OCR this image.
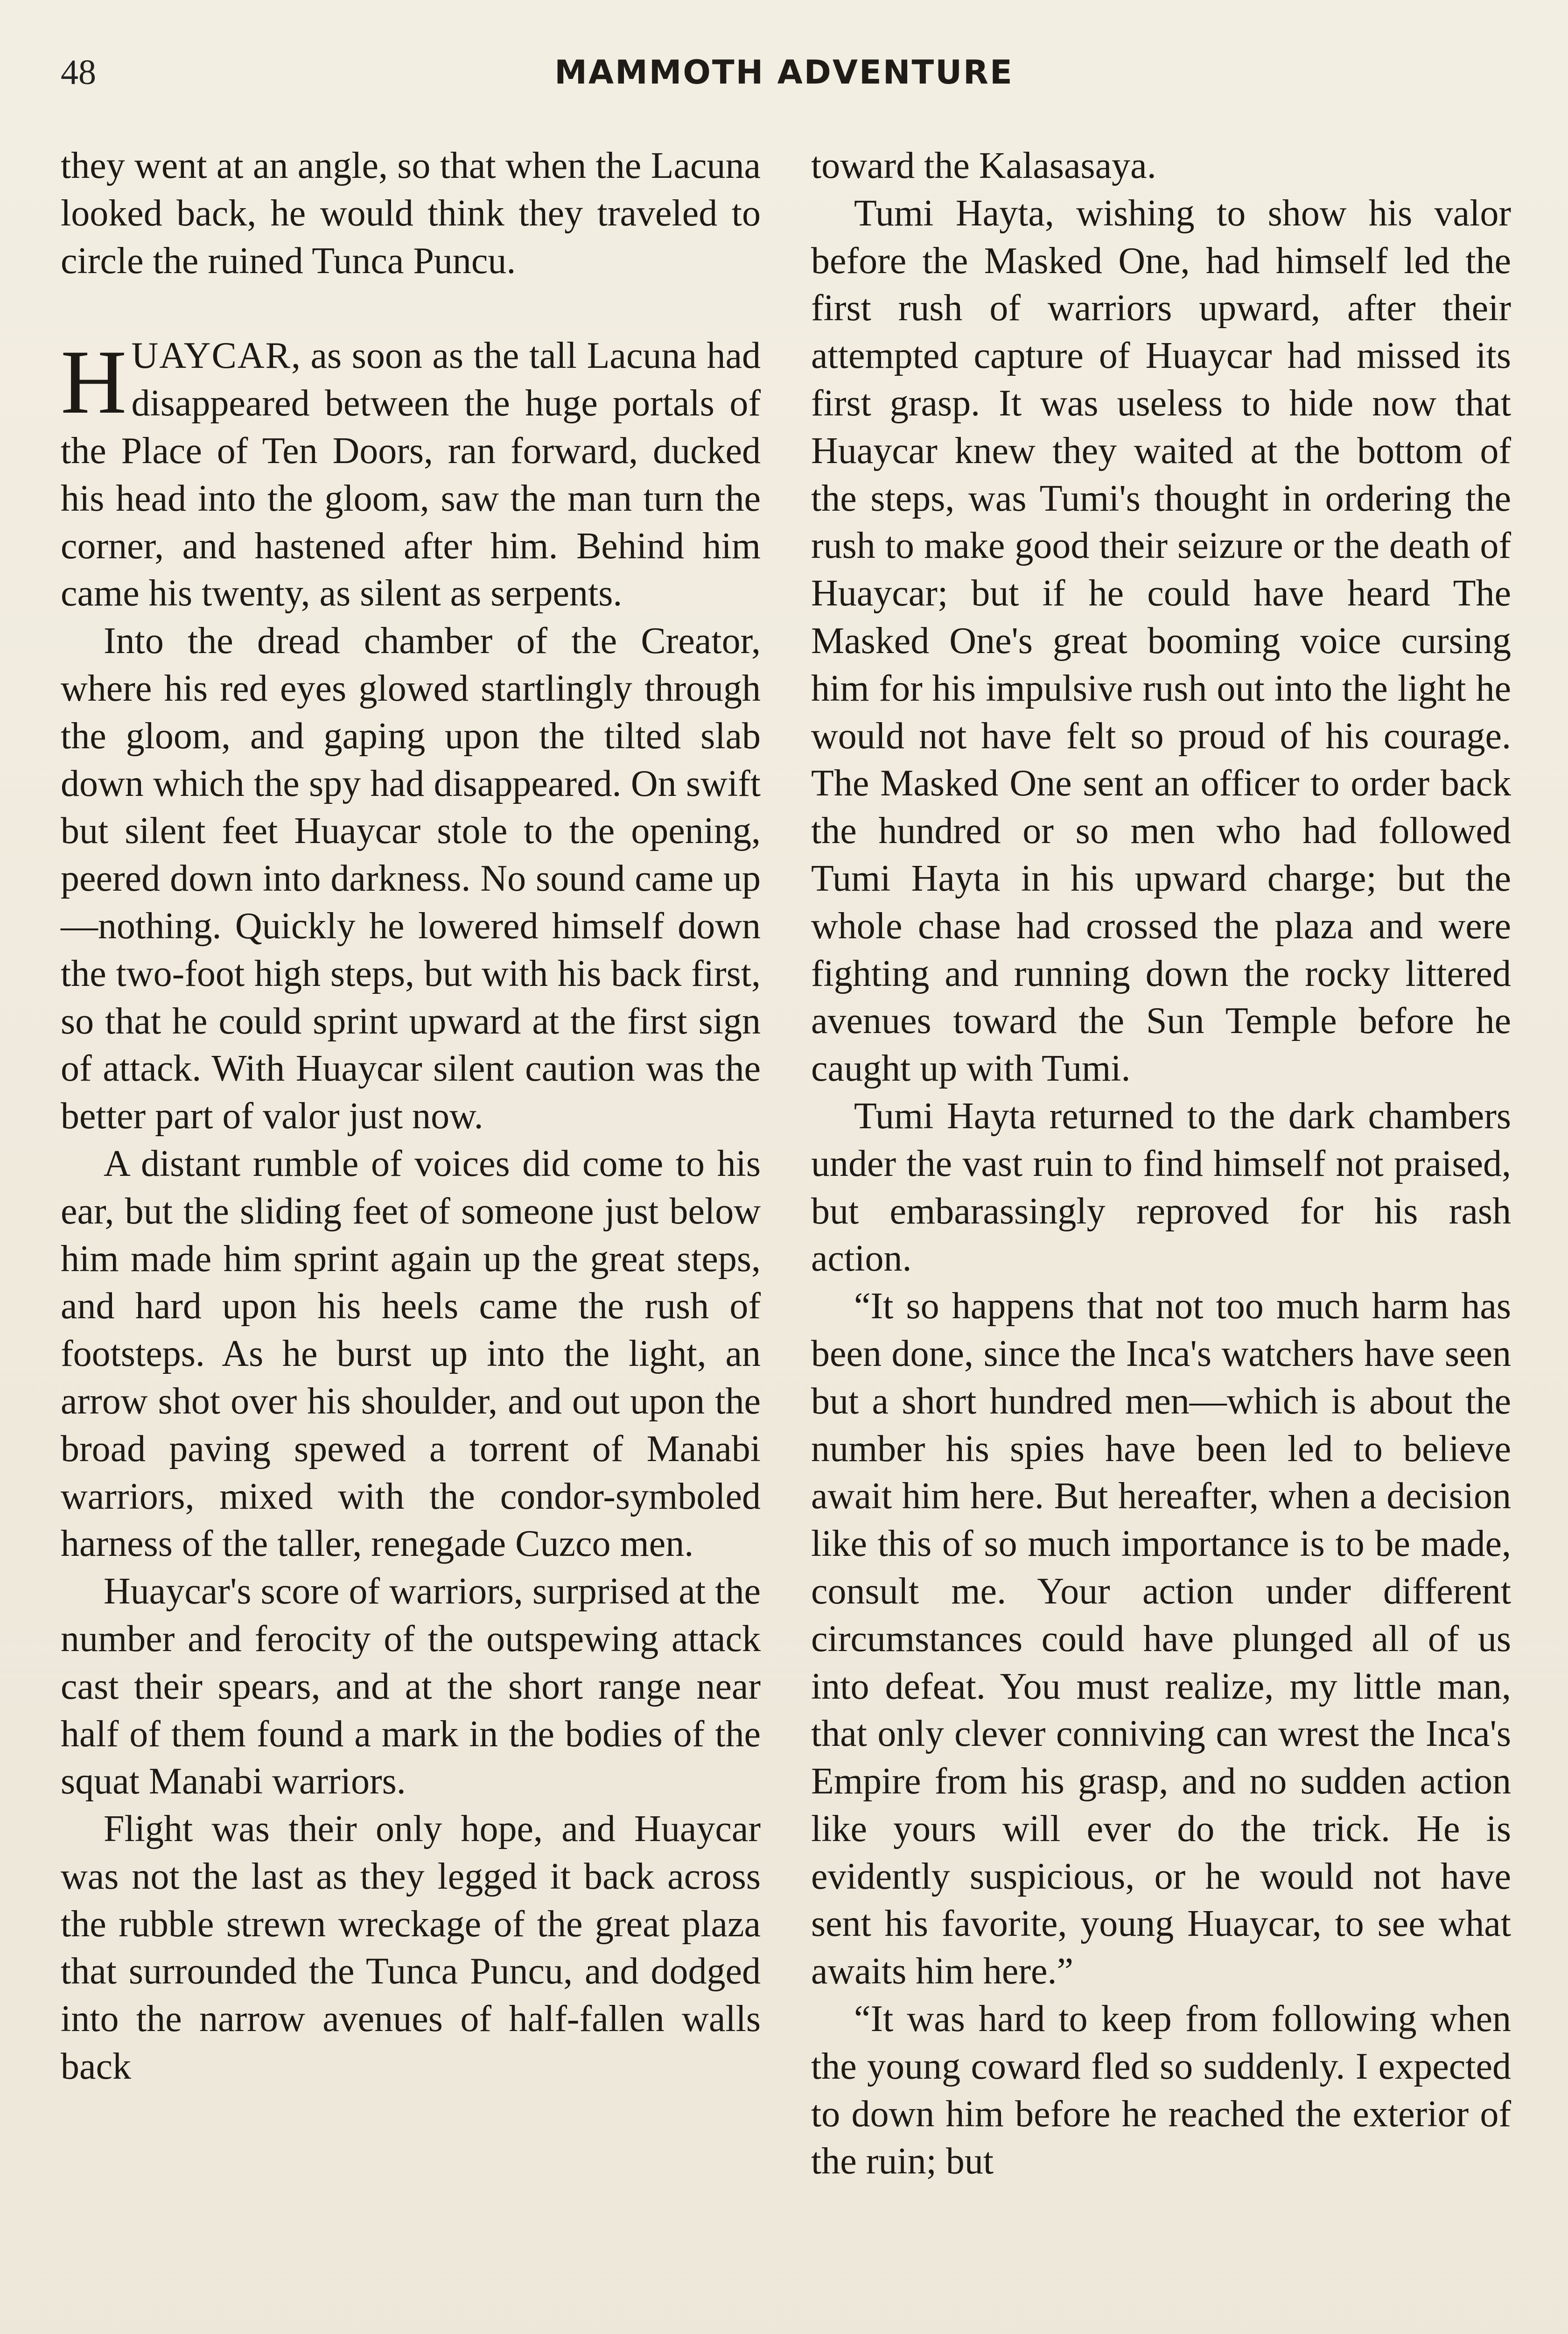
48	MAMMOTH ADVENTURE

they went at an angle, so that when the Lacuna looked back, he would think they traveled to circle the ruined Tunca Puncu.

HUAYCAR, as soon as the tall Lacuna had disappeared between the huge portals of the Place of Ten Doors, ran forward, ducked his head into the gloom, saw the man turn the corner, and hastened after him. Behind him came his twenty, as silent as serpents.

Into the dread chamber of the Creator, where his red eyes glowed startlingly through the gloom, and gaping upon the tilted slab down which the spy had disappeared. On swift but silent feet Huaycar stole to the opening, peered down into darkness. No sound came up—nothing. Quickly he lowered himself down the two-foot high steps, but with his back first, so that he could sprint upward at the first sign of attack. With Huaycar silent caution was the better part of valor just now.

A distant rumble of voices did come to his ear, but the sliding feet of someone just below him made him sprint again up the great steps, and hard upon his heels came the rush of footsteps. As he burst up into the light, an arrow shot over his shoulder, and out upon the broad paving spewed a torrent of Manabi warriors, mixed with the condor-symboled harness of the taller, renegade Cuzco men.

Huaycar's score of warriors, surprised at the number and ferocity of the outspewing attack cast their spears, and at the short range near half of them found a mark in the bodies of the squat Manabi warriors.

Flight was their only hope, and Huaycar was not the last as they legged it back across the rubble strewn wreckage of the great plaza that surrounded the Tunca Puncu, and dodged into the narrow avenues of half-fallen walls back

toward the Kalasasaya.

Tumi Hayta, wishing to show his valor before the Masked One, had himself led the first rush of warriors upward, after their attempted capture of Huaycar had missed its first grasp. It was useless to hide now that Huaycar knew they waited at the bottom of the steps, was Tumi's thought in ordering the rush to make good their seizure or the death of Huaycar; but if he could have heard The Masked One's great booming voice cursing him for his impulsive rush out into the light he would not have felt so proud of his courage. The Masked One sent an officer to order back the hundred or so men who had followed Tumi Hayta in his upward charge; but the whole chase had crossed the plaza and were fighting and running down the rocky littered avenues toward the Sun Temple before he caught up with Tumi.

Tumi Hayta returned to the dark chambers under the vast ruin to find himself not praised, but embarassingly reproved for his rash action.

“It so happens that not too much harm has been done, since the Inca's watchers have seen but a short hundred men—which is about the number his spies have been led to believe await him here. But hereafter, when a decision like this of so much importance is to be made, consult me. Your action under different circumstances could have plunged all of us into defeat. You must realize, my little man, that only clever conniving can wrest the Inca's Empire from his grasp, and no sudden action like yours will ever do the trick. He is evidently suspicious, or he would not have sent his favorite, young Huaycar, to see what awaits him here.”

“It was hard to keep from following when the young coward fled so suddenly. I expected to down him before he reached the exterior of the ruin; but
